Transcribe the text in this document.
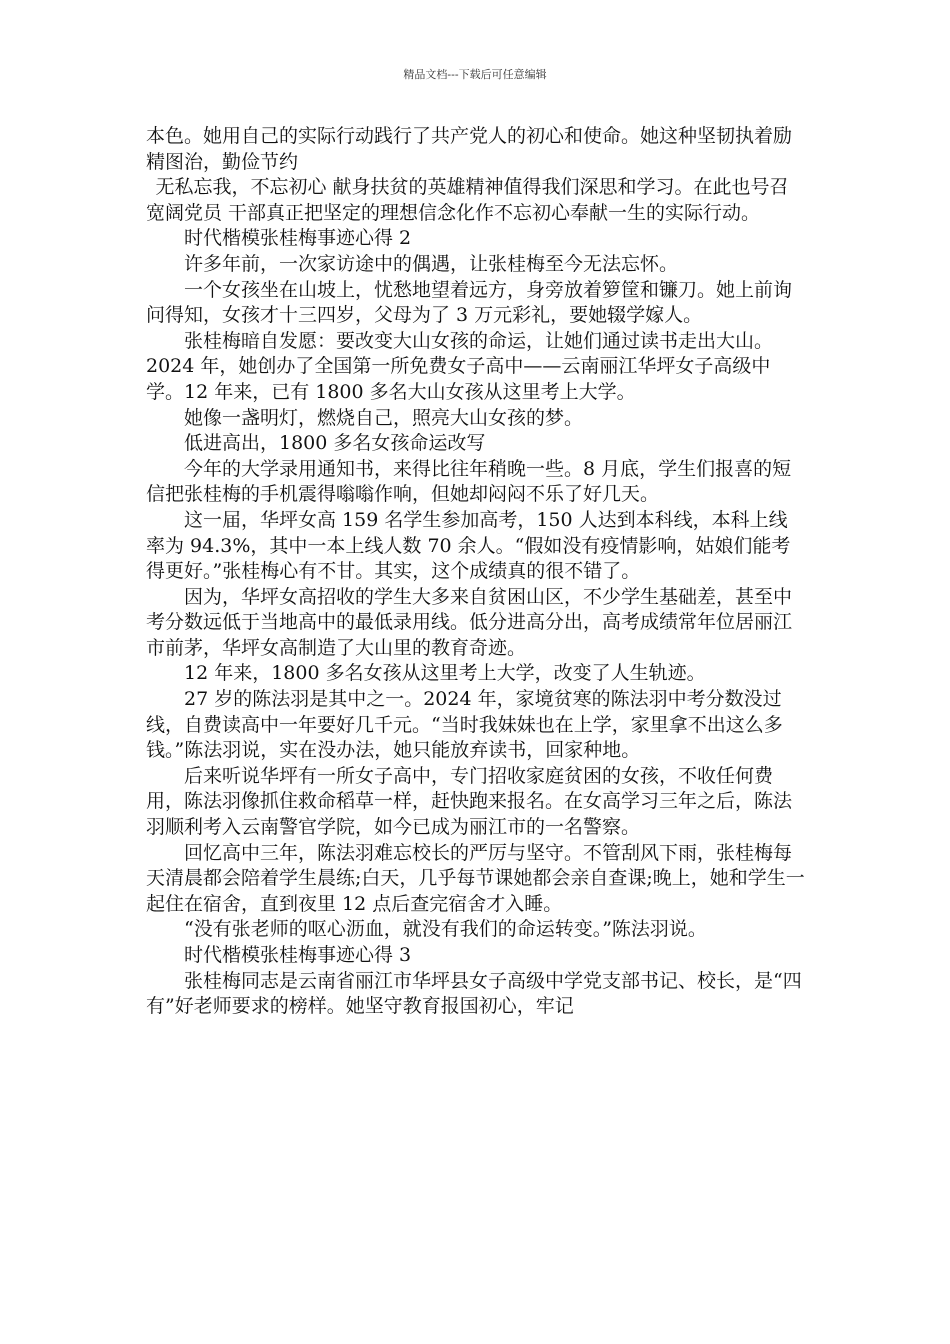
精品文档---下载后可任意编辑

本色。她用自己的实际行动践行了共产党人的初心和使命。她这种坚韧执着励精图治，勤俭节约

无私忘我，不忘初心 献身扶贫的英雄精神值得我们深思和学习。在此也号召宽阔党员 干部真正把坚定的理想信念化作不忘初心奉献一生的实际行动。

时代楷模张桂梅事迹心得 2

许多年前，一次家访途中的偶遇，让张桂梅至今无法忘怀。

一个女孩坐在山坡上，忧愁地望着远方，身旁放着箩筐和镰刀。她上前询问得知，女孩才十三四岁，父母为了 3 万元彩礼，要她辍学嫁人。

张桂梅暗自发愿：要改变大山女孩的命运，让她们通过读书走出大山。2024 年，她创办了全国第一所免费女子高中——云南丽江华坪女子高级中学。12 年来，已有 1800 多名大山女孩从这里考上大学。

她像一盏明灯，燃烧自己，照亮大山女孩的梦。

低进高出，1800 多名女孩命运改写

今年的大学录用通知书，来得比往年稍晚一些。8 月底，学生们报喜的短信把张桂梅的手机震得嗡嗡作响，但她却闷闷不乐了好几天。

这一届，华坪女高 159 名学生参加高考，150 人达到本科线，本科上线率为 94.3%，其中一本上线人数 70 余人。“假如没有疫情影响，姑娘们能考得更好。”张桂梅心有不甘。其实，这个成绩真的很不错了。

因为，华坪女高招收的学生大多来自贫困山区，不少学生基础差，甚至中考分数远低于当地高中的最低录用线。低分进高分出，高考成绩常年位居丽江市前茅，华坪女高制造了大山里的教育奇迹。

12 年来，1800 多名女孩从这里考上大学，改变了人生轨迹。

27 岁的陈法羽是其中之一。2024 年，家境贫寒的陈法羽中考分数没过线，自费读高中一年要好几千元。“当时我妹妹也在上学，家里拿不出这么多钱。”陈法羽说，实在没办法，她只能放弃读书，回家种地。

后来听说华坪有一所女子高中，专门招收家庭贫困的女孩，不收任何费用，陈法羽像抓住救命稻草一样，赶快跑来报名。在女高学习三年之后，陈法羽顺利考入云南警官学院，如今已成为丽江市的一名警察。

回忆高中三年，陈法羽难忘校长的严厉与坚守。不管刮风下雨，张桂梅每天清晨都会陪着学生晨练;白天，几乎每节课她都会亲自查课;晚上，她和学生一起住在宿舍，直到夜里 12 点后查完宿舍才入睡。

“没有张老师的呕心沥血，就没有我们的命运转变。”陈法羽说。

时代楷模张桂梅事迹心得 3

张桂梅同志是云南省丽江市华坪县女子高级中学党支部书记、校长，是“四有”好老师要求的榜样。她坚守教育报国初心，牢记
